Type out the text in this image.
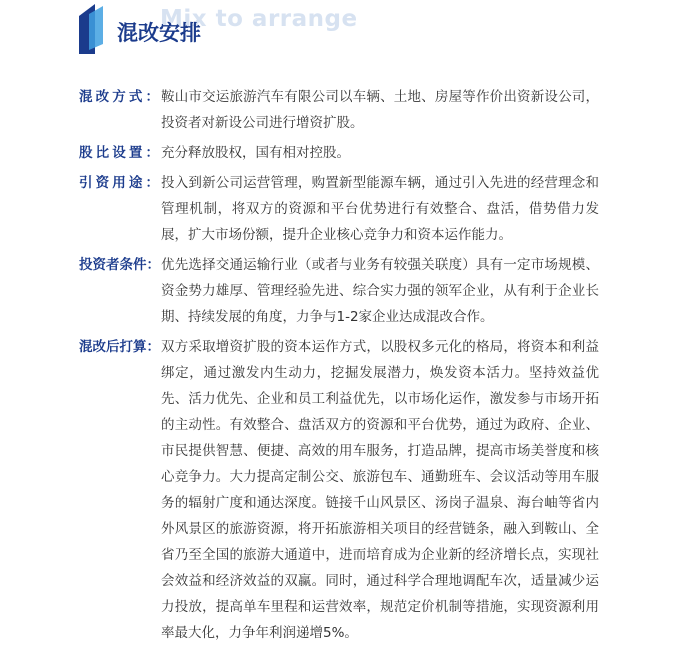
Mix to arrange
混改安排
混改方式： 鞍山市交运旅游汽车有限公司以车辆、土地、房屋等作价出资新设公司，投资者对新设公司进行增资扩股。
股比设置： 充分释放股权，国有相对控股。
引资用途： 投入到新公司运营管理，购置新型能源车辆，通过引入先进的经营理念和管理机制，将双方的资源和平台优势进行有效整合、盘活，借势借力发展，扩大市场份额，提升企业核心竞争力和资本运作能力。
投资者条件： 优先选择交通运输行业（或者与业务有较强关联度）具有一定市场规模、资金势力雄厚、管理经验先进、综合实力强的领军企业，从有利于企业长期、持续发展的角度，力争与1-2家企业达成混改合作。
混改后打算： 双方采取增资扩股的资本运作方式，以股权多元化的格局，将资本和利益绑定，通过激发内生动力，挖掘发展潜力，焕发资本活力。坚持效益优先、活力优先、企业和员工利益优先，以市场化运作，激发参与市场开拓的主动性。有效整合、盘活双方的资源和平台优势，通过为政府、企业、市民提供智慧、便捷、高效的用车服务，打造品牌，提高市场美誉度和核心竞争力。大力提高定制公交、旅游包车、通勤班车、会议活动等用车服务的辐射广度和通达深度。链接千山风景区、汤岗子温泉、海台岫等省内外风景区的旅游资源，将开拓旅游相关项目的经营链条，融入到鞍山、全省乃至全国的旅游大通道中，进而培育成为企业新的经济增长点，实现社会效益和经济效益的双赢。同时，通过科学合理地调配车次，适量减少运力投放，提高单车里程和运营效率，规范定价机制等措施，实现资源利用率最大化，力争年利润递增5%。
